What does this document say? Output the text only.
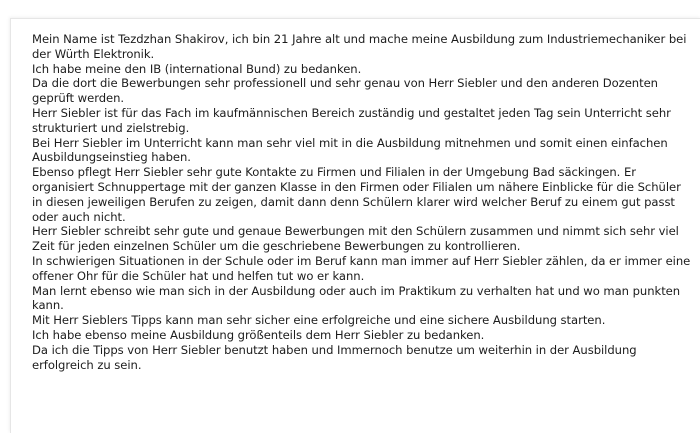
Mein Name ist Tezdzhan Shakirov, ich bin 21 Jahre alt und mache meine Ausbildung zum Industriemechaniker bei der Würth Elektronik.

Ich habe meine den IB (international Bund) zu bedanken.

Da die dort die Bewerbungen sehr professionell und sehr genau von Herr Siebler und den anderen Dozenten geprüft werden.

Herr Siebler ist für das Fach im kaufmännischen Bereich zuständig und gestaltet jeden Tag sein Unterricht sehr strukturiert und zielstrebig.

Bei Herr Siebler im Unterricht kann man sehr viel mit in die Ausbildung mitnehmen und somit einen einfachen Ausbildungseinstieg haben.

Ebenso pflegt Herr Siebler sehr gute Kontakte zu Firmen und Filialen in der Umgebung Bad säckingen. Er organisiert Schnuppertage mit der ganzen Klasse in den Firmen oder Filialen um nähere Einblicke für die Schüler in diesen jeweiligen Berufen zu zeigen, damit dann denn Schülern klarer wird welcher Beruf zu einem gut passt oder auch nicht.

Herr Siebler schreibt sehr gute und genaue Bewerbungen mit den Schülern zusammen und nimmt sich sehr viel Zeit für jeden einzelnen Schüler um die geschriebene Bewerbungen zu kontrollieren.

In schwierigen Situationen in der Schule oder im Beruf kann man immer auf Herr Siebler zählen, da er immer eine offener Ohr für die Schüler hat und helfen tut wo er kann.

Man lernt ebenso wie man sich in der Ausbildung oder auch im Praktikum zu verhalten hat und wo man punkten kann.

Mit Herr Sieblers Tipps kann man sehr sicher eine erfolgreiche und eine sichere Ausbildung starten.

Ich habe ebenso meine Ausbildung größenteils dem Herr Siebler zu bedanken.

Da ich die Tipps von Herr Siebler benutzt haben und Immernoch benutze um weiterhin in der Ausbildung erfolgreich zu sein.
